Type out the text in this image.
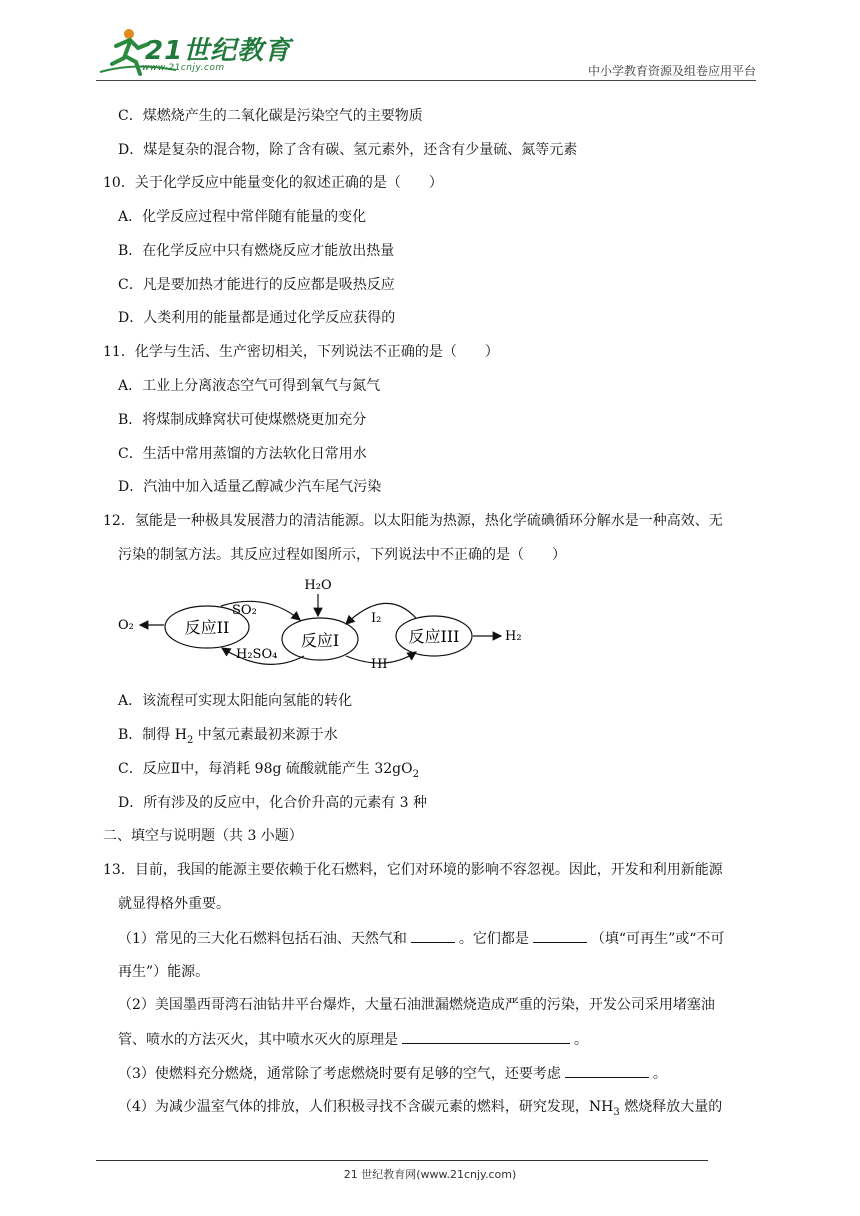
21世纪教育
www.21cnjy.com	中小学教育资源及组卷应用平台
C．煤燃烧产生的二氧化碳是污染空气的主要物质
D．煤是复杂的混合物，除了含有碳、氢元素外，还含有少量硫、氮等元素
10．关于化学反应中能量变化的叙述正确的是（　　）
A．化学反应过程中常伴随有能量的变化
B．在化学反应中只有燃烧反应才能放出热量
C．凡是要加热才能进行的反应都是吸热反应
D．人类利用的能量都是通过化学反应获得的
11．化学与生活、生产密切相关，下列说法不正确的是（　　）
A．工业上分离液态空气可得到氧气与氮气
B．将煤制成蜂窝状可使煤燃烧更加充分
C．生活中常用蒸馏的方法软化日常用水
D．汽油中加入适量乙醇减少汽车尾气污染
12．氢能是一种极具发展潜力的清洁能源。以太阳能为热源，热化学硫碘循环分解水是一种高效、无
污染的制氢方法。其反应过程如图所示，下列说法中不正确的是（　　）
反应II
反应I	反应III
O₂
H₂O
H₂
SO₂
H₂SO₄
I₂
HI
A．该流程可实现太阳能向氢能的转化
B．制得 $H_2$ 中氢元素最初来源于水
C．反应Ⅱ中，每消耗 98g 硫酸就能产生 $32gO_2$
D．所有涉及的反应中，化合价升高的元素有 3 种
二、填空与说明题（共 3 小题）
13．目前，我国的能源主要依赖于化石燃料，它们对环境的影响不容忽视。因此，开发和利用新能源
就显得格外重要。
（1）常见的三大化石燃料包括石油、天然气和	。它们都是	（填“可再生”或“不可
再生”）能源。
（2）美国墨西哥湾石油钻井平台爆炸，大量石油泄漏燃烧造成严重的污染，开发公司采用堵塞油
管、喷水的方法灭火，其中喷水灭火的原理是	。
（3）使燃料充分燃烧，通常除了考虑燃烧时要有足够的空气，还要考虑	。
（4）为减少温室气体的排放，人们积极寻找不含碳元素的燃料，研究发现，$NH_3$ 燃烧释放大量的
21 世纪教育网(www.21cnjy.com)
